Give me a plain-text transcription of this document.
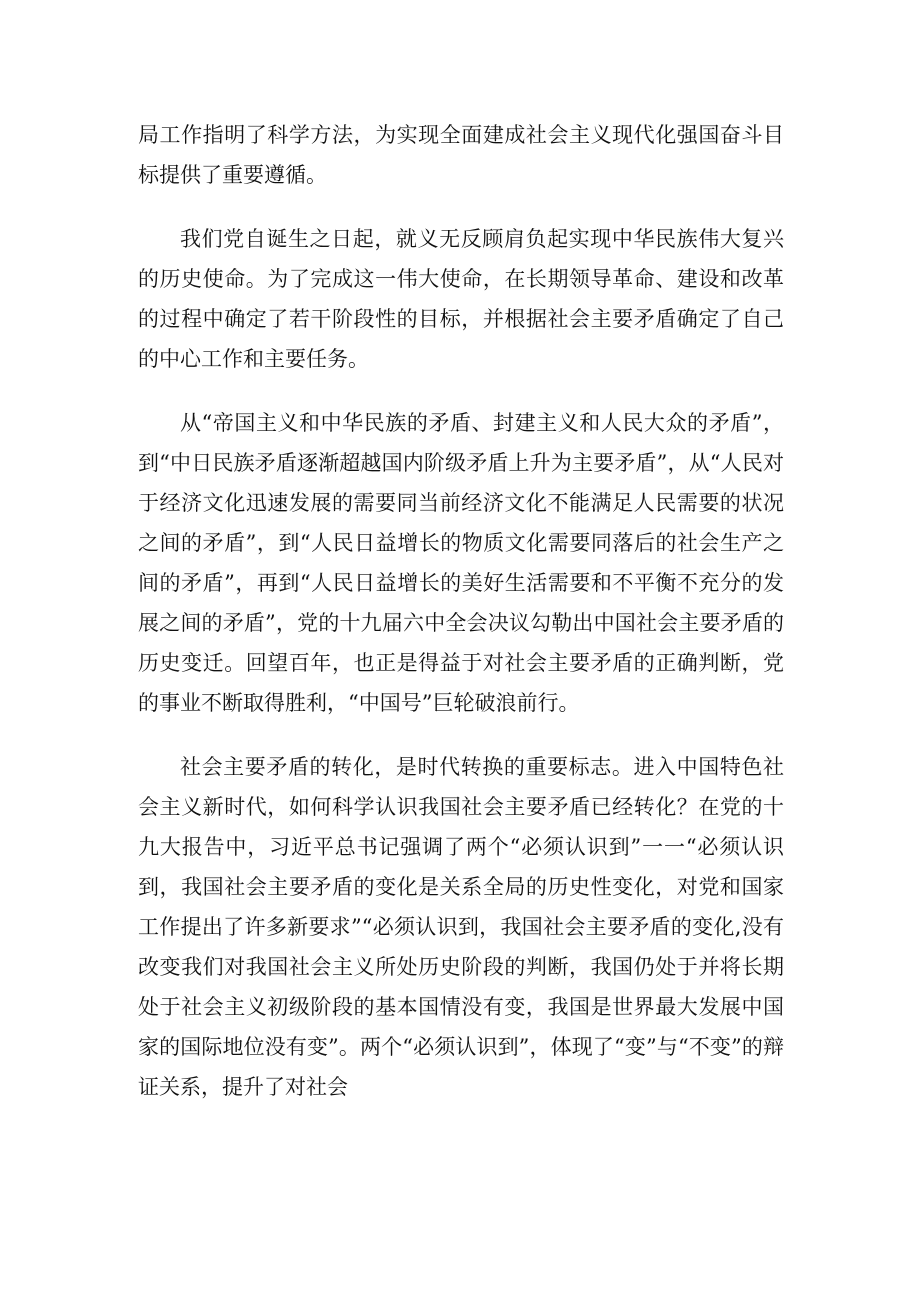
局工作指明了科学方法，为实现全面建成社会主义现代化强国奋斗目标提供了重要遵循。

我们党自诞生之日起，就义无反顾肩负起实现中华民族伟大复兴的历史使命。为了完成这一伟大使命，在长期领导革命、建设和改革的过程中确定了若干阶段性的目标，并根据社会主要矛盾确定了自己的中心工作和主要任务。

从“帝国主义和中华民族的矛盾、封建主义和人民大众的矛盾”，到“中日民族矛盾逐渐超越国内阶级矛盾上升为主要矛盾”，从“人民对于经济文化迅速发展的需要同当前经济文化不能满足人民需要的状况之间的矛盾”，到“人民日益增长的物质文化需要同落后的社会生产之间的矛盾”，再到“人民日益增长的美好生活需要和不平衡不充分的发展之间的矛盾”，党的十九届六中全会决议勾勒出中国社会主要矛盾的历史变迁。回望百年，也正是得益于对社会主要矛盾的正确判断，党的事业不断取得胜利，“中国号”巨轮破浪前行。

社会主要矛盾的转化，是时代转换的重要标志。进入中国特色社会主义新时代，如何科学认识我国社会主要矛盾已经转化？在党的十九大报告中，习近平总书记强调了两个“必须认识到”一一“必须认识到，我国社会主要矛盾的变化是关系全局的历史性变化，对党和国家工作提出了许多新要求”“必须认识到，我国社会主要矛盾的变化,没有改变我们对我国社会主义所处历史阶段的判断，我国仍处于并将长期处于社会主义初级阶段的基本国情没有变，我国是世界最大发展中国家的国际地位没有变”。两个“必须认识到”，体现了“变”与“不变”的辩证关系，提升了对社会
